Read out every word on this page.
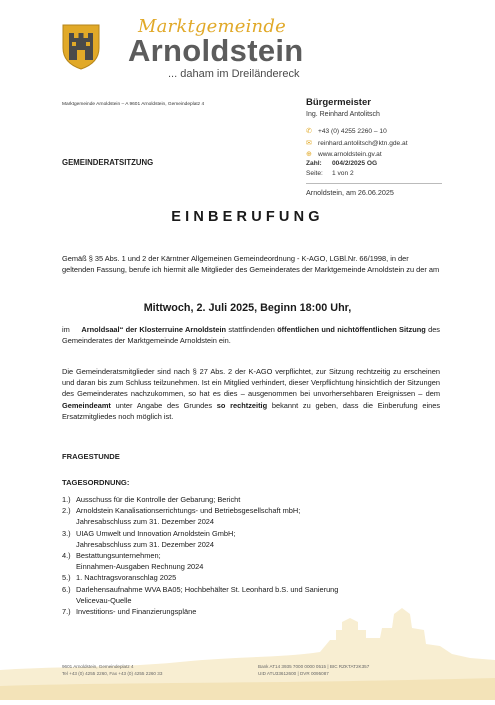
Marktgemeinde
Arnoldstein
... daham im Dreiländereck
Marktgemeinde Arnoldstein – A 9601 Arnoldstein, Gemeindeplatz 4	Bürgermeister
Ing. Reinhard Antolitsch
✆ +43 (0) 4255 2260 – 10
✉ reinhard.antolitsch@ktn.gde.at
⊕ www.arnoldstein.gv.at
Zahl:	004/2/2025 OG
Seite:	1 von 2
Arnoldstein, am 26.06.2025
GEMEINDERATSITZUNG
EINBERUFUNG
Gemäß § 35 Abs. 1 und 2 der Kärntner Allgemeinen Gemeindeordnung - K-AGO, LGBl.Nr. 66/1998, in der geltenden Fassung, berufe ich hiermit alle Mitglieder des Gemeinderates der Marktgemeinde Arnoldstein zu der am
Mittwoch, 2. Juli 2025, Beginn 18:00 Uhr,
im Arnoldsaal“ der Klosterruine Arnoldstein stattfindenden öffentlichen und nichtöffentlichen Sitzung des Gemeinderates der Marktgemeinde Arnoldstein ein.
Die Gemeinderatsmitglieder sind nach § 27 Abs. 2 der K-AGO verpflichtet, zur Sitzung rechtzeitig zu erscheinen und daran bis zum Schluss teilzunehmen. Ist ein Mitglied verhindert, dieser Verpflichtung hinsichtlich der Sitzungen des Gemeinderates nachzukommen, so hat es dies – ausgenommen bei unvorhersehbaren Ereignissen – dem Gemeindeamt unter Angabe des Grundes so rechtzeitig bekannt zu geben, dass die Einberufung eines Ersatzmitgliedes noch möglich ist.
FRAGESTUNDE
TAGESORDNUNG:
1.) Ausschuss für die Kontrolle der Gebarung; Bericht
2.) Arnoldstein Kanalisationserrichtungs- und Betriebsgesellschaft mbH;
Jahresabschluss zum 31. Dezember 2024
3.) UIAG Umwelt und Innovation Arnoldstein GmbH;
Jahresabschluss zum 31. Dezember 2024
4.) Bestattungsunternehmen;
Einnahmen-Ausgaben Rechnung 2024
5.) 1. Nachtragsvoranschlag 2025
6.) Darlehensaufnahme WVA BA05; Hochbehälter St. Leonhard b.S. und Sanierung
Velicevau-Quelle
7.) Investitions- und Finanzierungspläne
9601 Arnoldstein, Gemeindeplatz 4
Tel +43 (0) 4255 2260, Fax +43 (0) 4255 2260 33
Bank AT14 3935 7000 0000 0515 | BIC RZKTAT2K357
UID ATU33612600 | DVR 0095087
